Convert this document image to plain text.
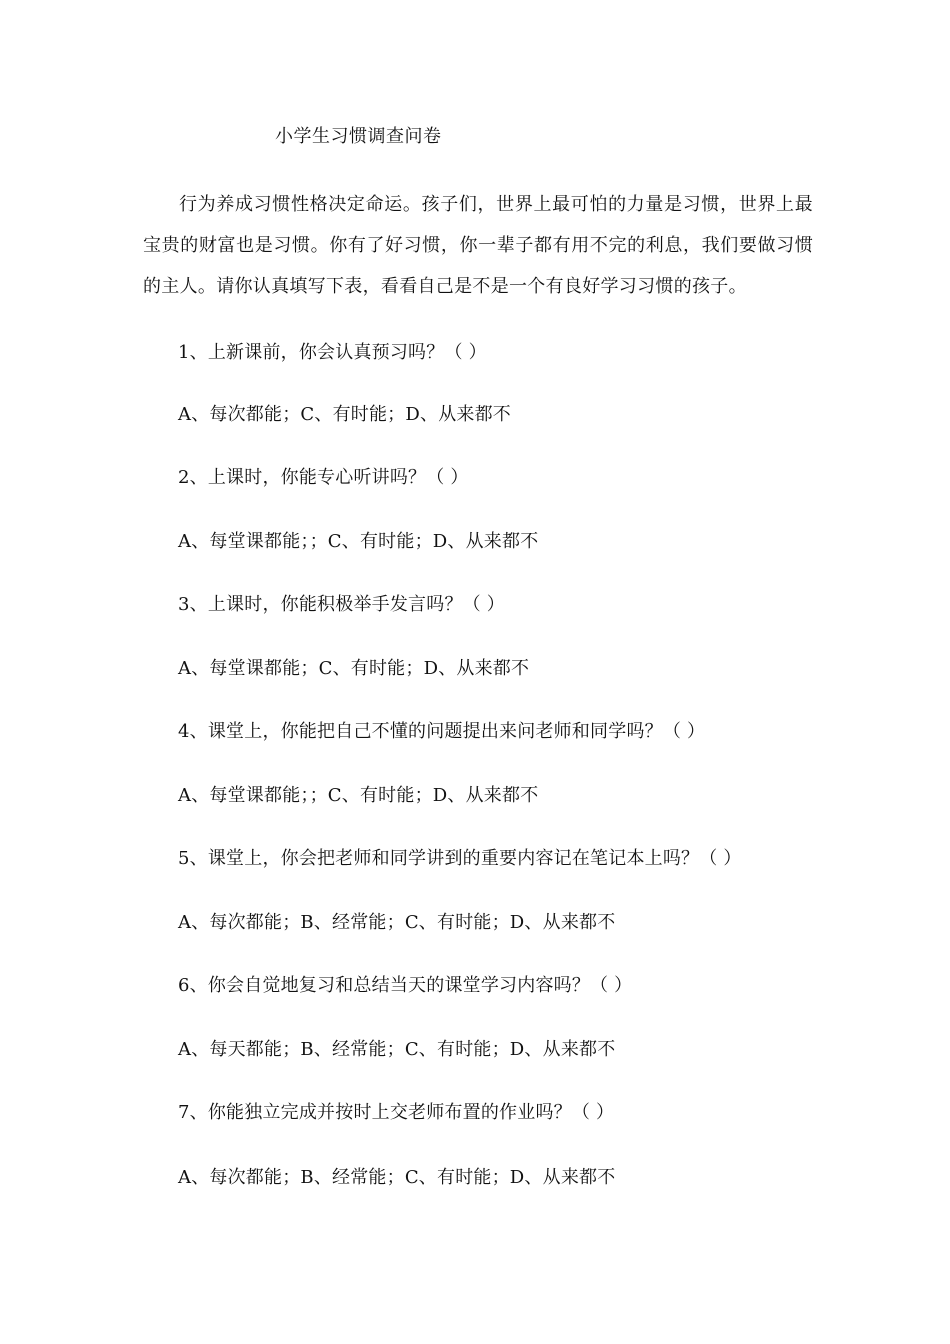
小学生习惯调查问卷
行为养成习惯性格决定命运。孩子们，世界上最可怕的力量是习惯，世界上最宝贵的财富也是习惯。你有了好习惯，你一辈子都有用不完的利息，我们要做习惯的主人。请你认真填写下表，看看自己是不是一个有良好学习习惯的孩子。
1、上新课前，你会认真预习吗？（ ）
A、每次都能；C、有时能；D、从来都不
2、上课时，你能专心听讲吗？（ ）
A、每堂课都能；；C、有时能；D、从来都不
3、上课时，你能积极举手发言吗？（ ）
A、每堂课都能；C、有时能；D、从来都不
4、课堂上，你能把自己不懂的问题提出来问老师和同学吗？（ ）
A、每堂课都能；；C、有时能；D、从来都不
5、课堂上，你会把老师和同学讲到的重要内容记在笔记本上吗？（ ）
A、每次都能；B、经常能；C、有时能；D、从来都不
6、你会自觉地复习和总结当天的课堂学习内容吗？（ ）
A、每天都能；B、经常能；C、有时能；D、从来都不
7、你能独立完成并按时上交老师布置的作业吗？（ ）
A、每次都能；B、经常能；C、有时能；D、从来都不
